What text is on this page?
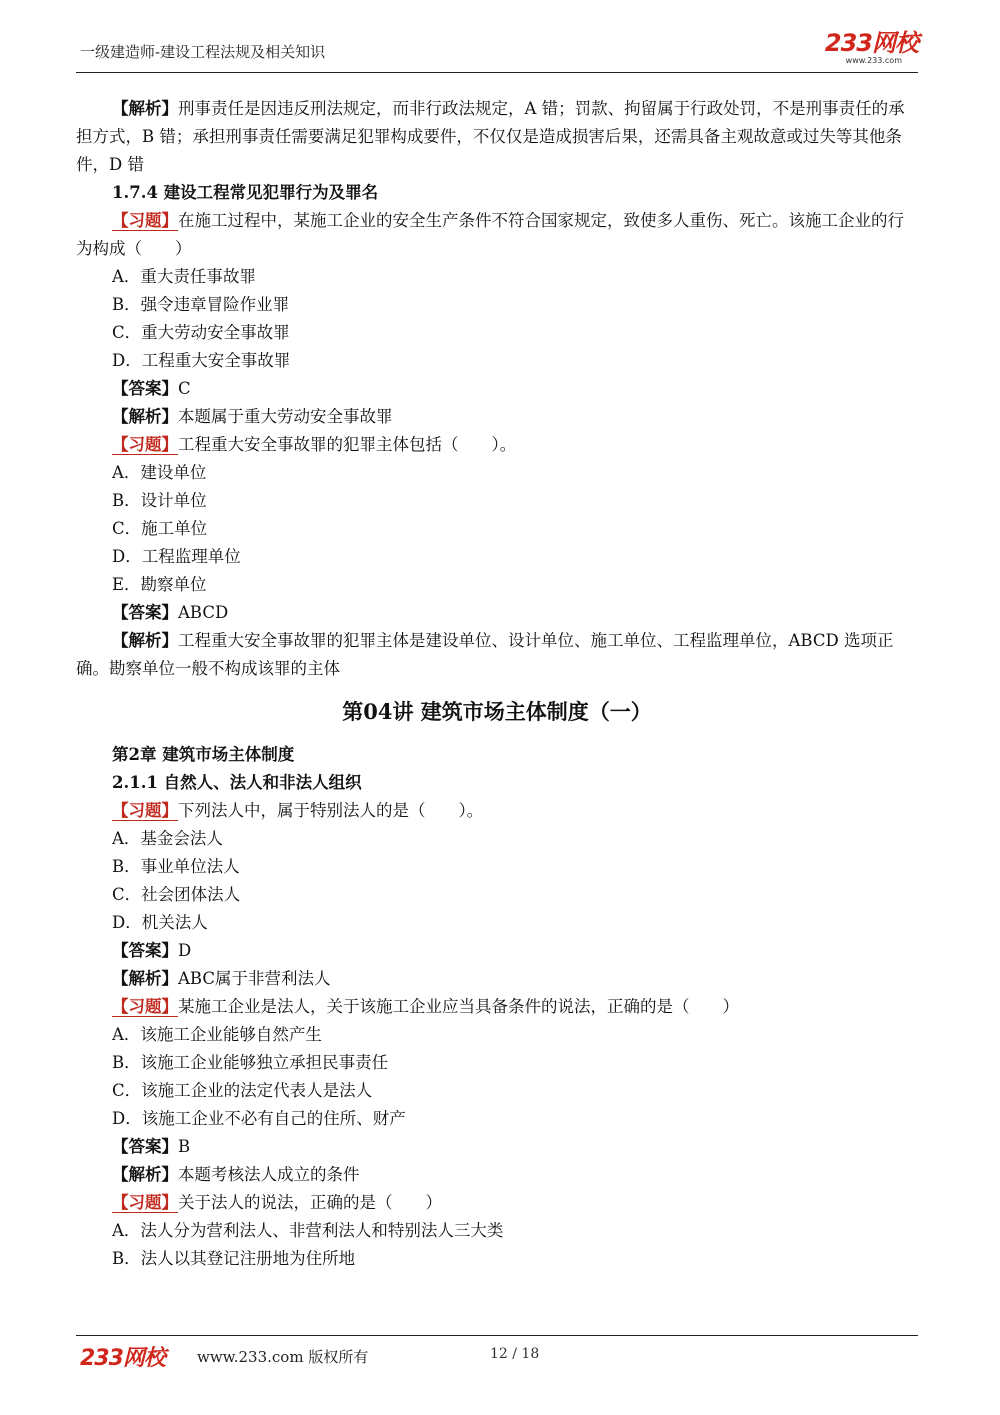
一级建造师-建设工程法规及相关知识	233网校
www.233.com
【解析】刑事责任是因违反刑法规定，而非行政法规定，A 错；罚款、拘留属于行政处罚，不是刑事责任的承担方式，B 错；承担刑事责任需要满足犯罪构成要件，不仅仅是造成损害后果，还需具备主观故意或过失等其他条件，D 错
1.7.4 建设工程常见犯罪行为及罪名
【习题】在施工过程中，某施工企业的安全生产条件不符合国家规定，致使多人重伤、死亡。该施工企业的行为构成（　　）
A．重大责任事故罪
B．强令违章冒险作业罪
C．重大劳动安全事故罪
D．工程重大安全事故罪
【答案】C
【解析】本题属于重大劳动安全事故罪
【习题】工程重大安全事故罪的犯罪主体包括（　　）。
A．建设单位
B．设计单位
C．施工单位
D．工程监理单位
E．勘察单位
【答案】ABCD
【解析】工程重大安全事故罪的犯罪主体是建设单位、设计单位、施工单位、工程监理单位，ABCD 选项正确。勘察单位一般不构成该罪的主体
第04讲 建筑市场主体制度（一）
第2章 建筑市场主体制度
2.1.1 自然人、法人和非法人组织
【习题】下列法人中，属于特别法人的是（　　）。
A．基金会法人
B．事业单位法人
C．社会团体法人
D．机关法人
【答案】D
【解析】ABC属于非营利法人
【习题】某施工企业是法人，关于该施工企业应当具备条件的说法，正确的是（　　）
A．该施工企业能够自然产生
B．该施工企业能够独立承担民事责任
C．该施工企业的法定代表人是法人
D．该施工企业不必有自己的住所、财产
【答案】B
【解析】本题考核法人成立的条件
【习题】关于法人的说法，正确的是（　　）
A．法人分为营利法人、非营利法人和特别法人三大类
B．法人以其登记注册地为住所地
233网校 www.233.com 版权所有	12 / 18
